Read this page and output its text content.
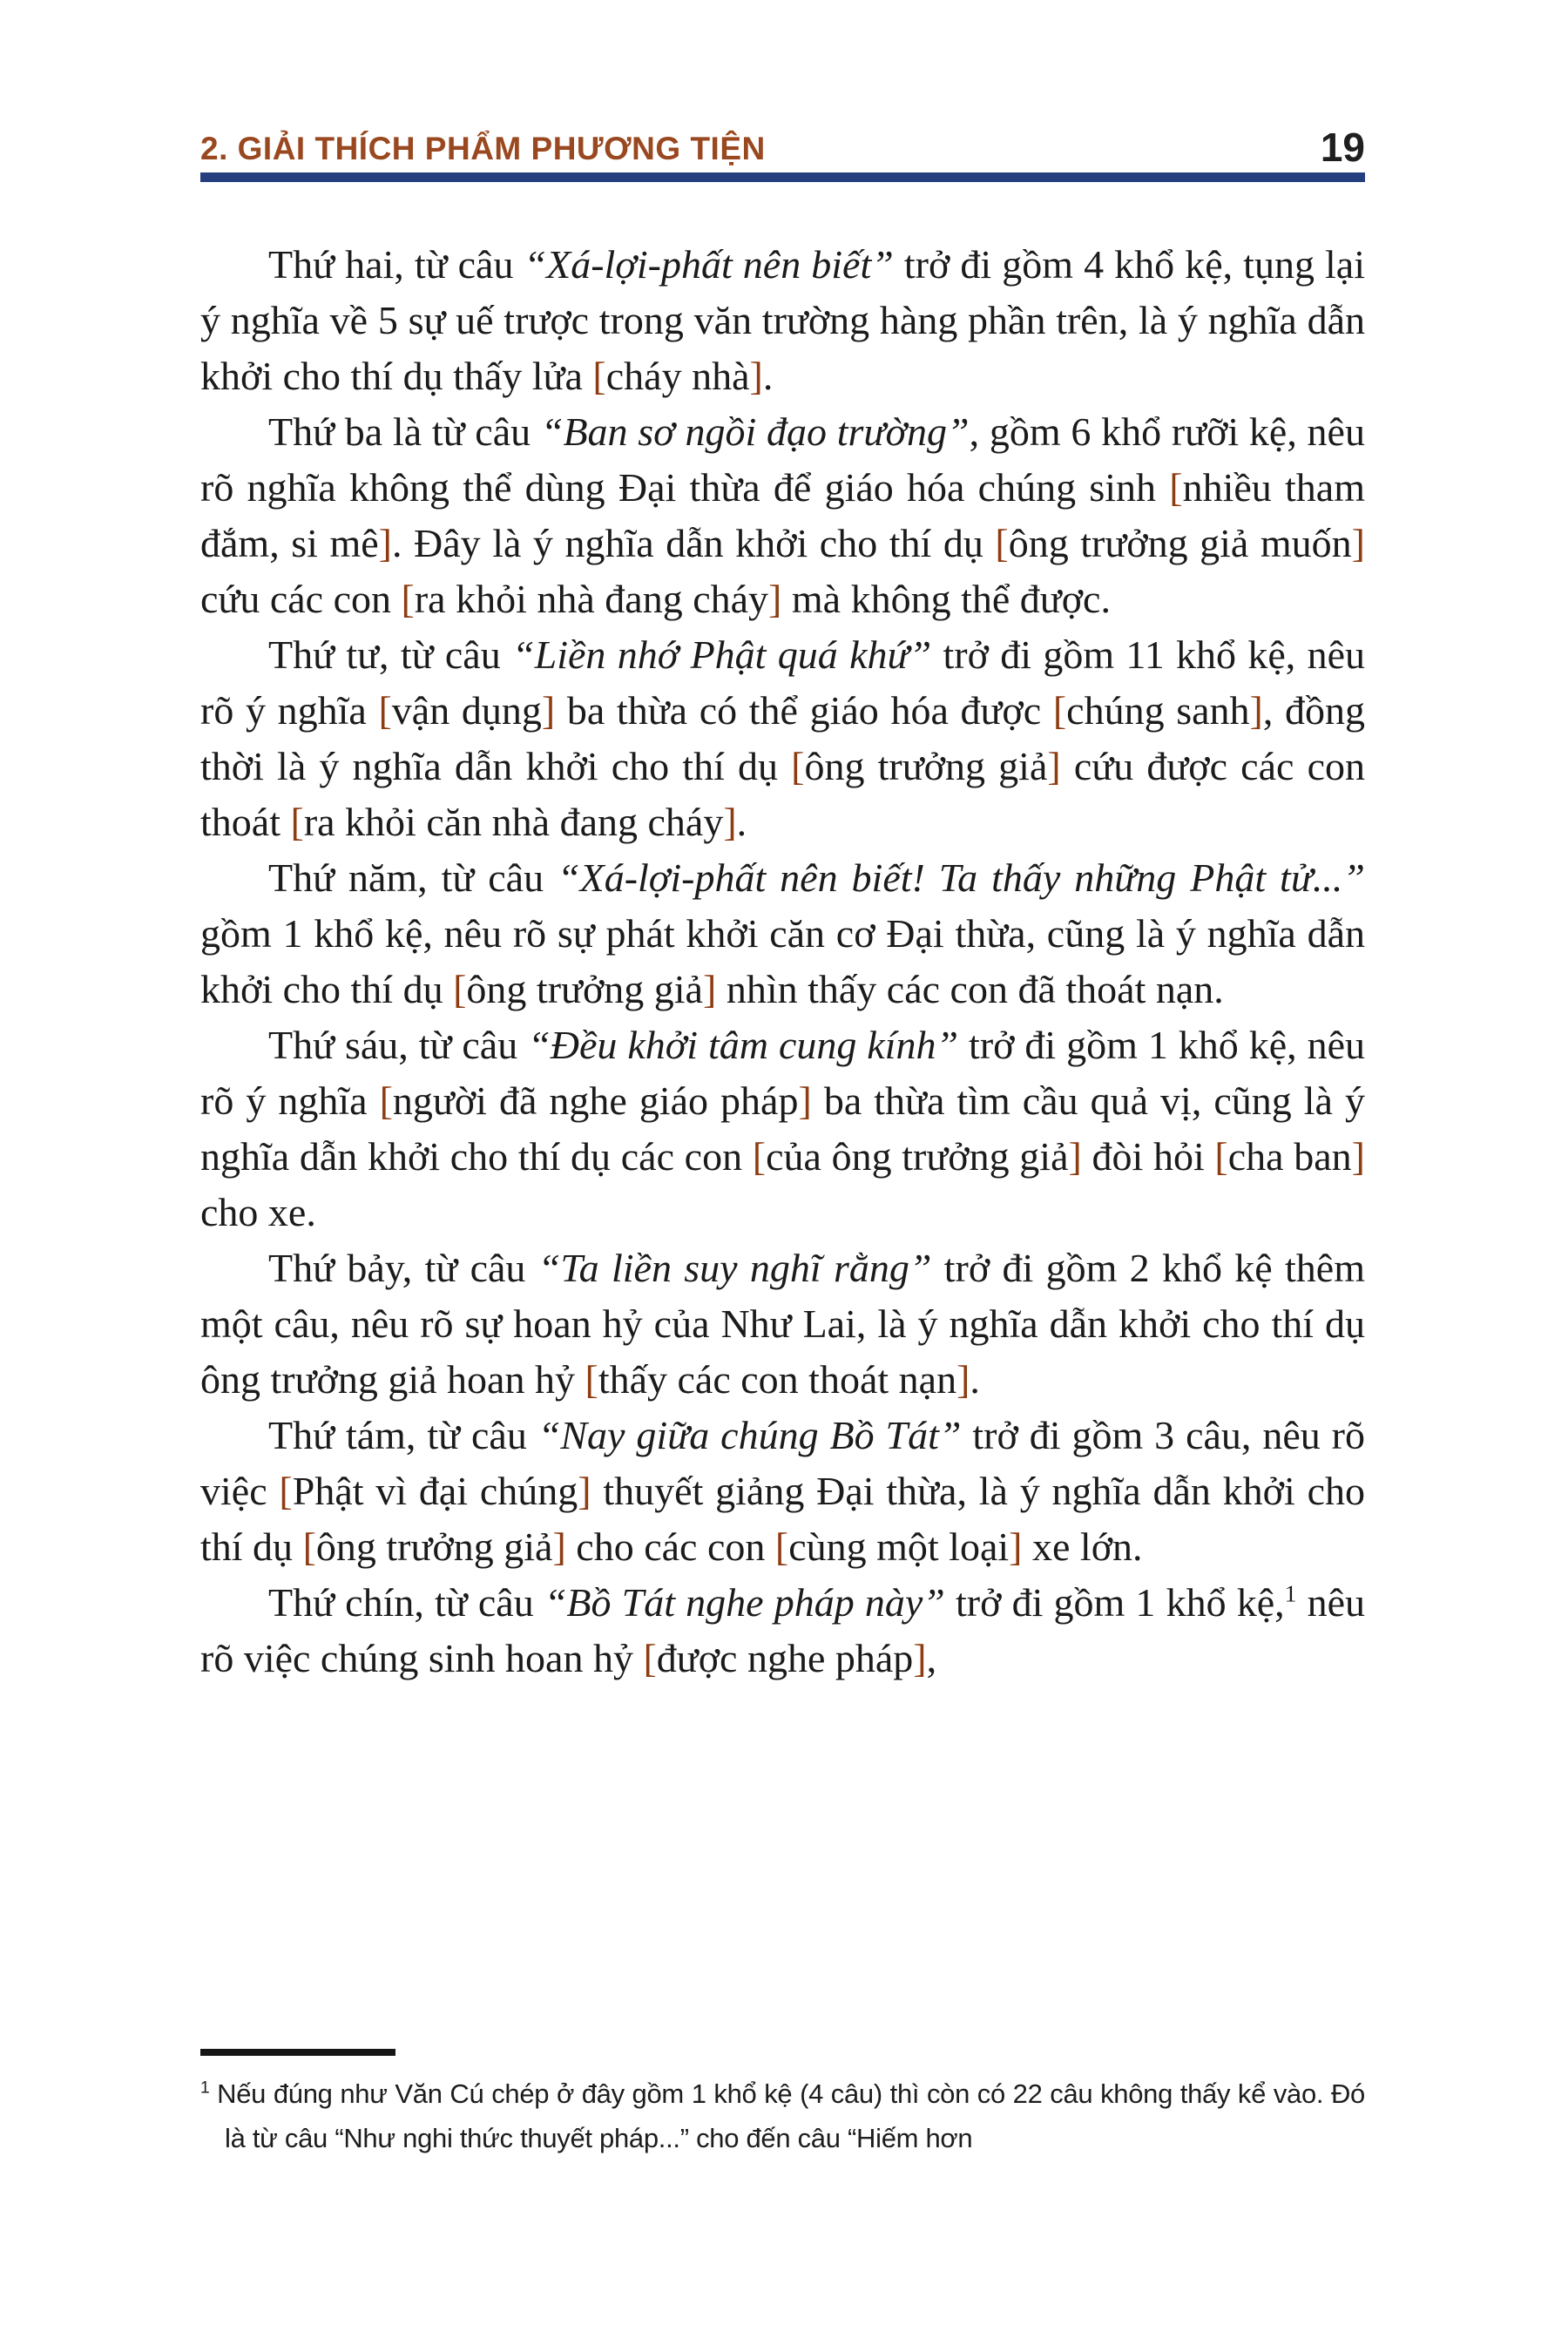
2. GIẢI THÍCH PHẨM PHƯƠNG TIỆN	19

Thứ hai, từ câu “Xá-lợi-phất nên biết” trở đi gồm 4 khổ kệ, tụng lại ý nghĩa về 5 sự uế trược trong văn trường hàng phần trên, là ý nghĩa dẫn khởi cho thí dụ thấy lửa [cháy nhà].

Thứ ba là từ câu “Ban sơ ngồi đạo trường”, gồm 6 khổ rưỡi kệ, nêu rõ nghĩa không thể dùng Đại thừa để giáo hóa chúng sinh [nhiều tham đắm, si mê]. Đây là ý nghĩa dẫn khởi cho thí dụ [ông trưởng giả muốn] cứu các con [ra khỏi nhà đang cháy] mà không thể được.

Thứ tư, từ câu “Liền nhớ Phật quá khứ” trở đi gồm 11 khổ kệ, nêu rõ ý nghĩa [vận dụng] ba thừa có thể giáo hóa được [chúng sanh], đồng thời là ý nghĩa dẫn khởi cho thí dụ [ông trưởng giả] cứu được các con thoát [ra khỏi căn nhà đang cháy].

Thứ năm, từ câu “Xá-lợi-phất nên biết! Ta thấy những Phật tử...” gồm 1 khổ kệ, nêu rõ sự phát khởi căn cơ Đại thừa, cũng là ý nghĩa dẫn khởi cho thí dụ [ông trưởng giả] nhìn thấy các con đã thoát nạn.

Thứ sáu, từ câu “Đều khởi tâm cung kính” trở đi gồm 1 khổ kệ, nêu rõ ý nghĩa [người đã nghe giáo pháp] ba thừa tìm cầu quả vị, cũng là ý nghĩa dẫn khởi cho thí dụ các con [của ông trưởng giả] đòi hỏi [cha ban] cho xe.

Thứ bảy, từ câu “Ta liền suy nghĩ rằng” trở đi gồm 2 khổ kệ thêm một câu, nêu rõ sự hoan hỷ của Như Lai, là ý nghĩa dẫn khởi cho thí dụ ông trưởng giả hoan hỷ [thấy các con thoát nạn].

Thứ tám, từ câu “Nay giữa chúng Bồ Tát” trở đi gồm 3 câu, nêu rõ việc [Phật vì đại chúng] thuyết giảng Đại thừa, là ý nghĩa dẫn khởi cho thí dụ [ông trưởng giả] cho các con [cùng một loại] xe lớn.

Thứ chín, từ câu “Bồ Tát nghe pháp này” trở đi gồm 1 khổ kệ,$^1$ nêu rõ việc chúng sinh hoan hỷ [được nghe pháp],

$^1$ Nếu đúng như Văn Cú chép ở đây gồm 1 khổ kệ (4 câu) thì còn có 22 câu không thấy kể vào. Đó là từ câu “Như nghi thức thuyết pháp...” cho đến câu “Hiếm hơn
